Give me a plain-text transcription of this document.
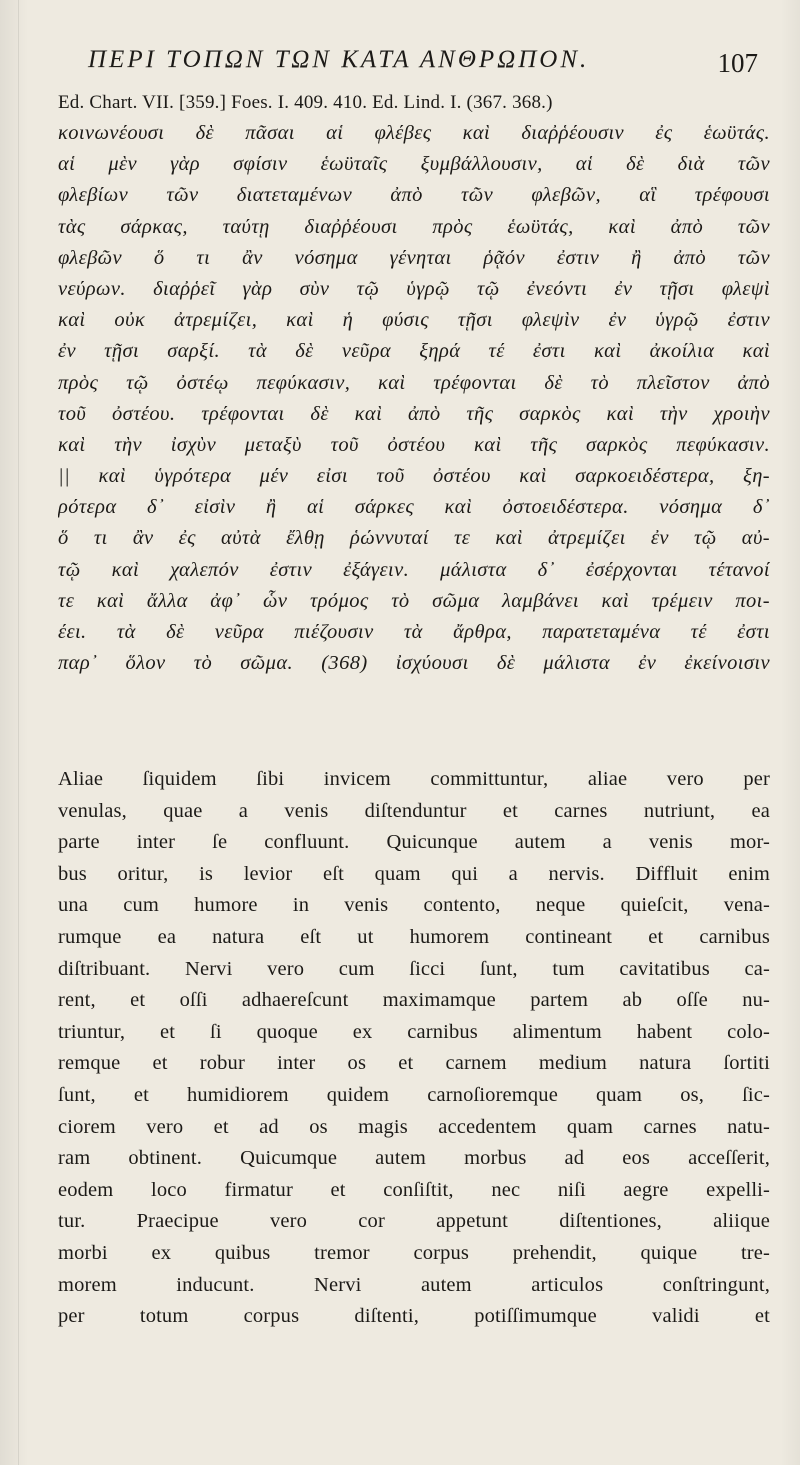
ΠΕΡΙ ΤΟΠΩΝ ΤΩΝ ΚΑΤΑ ΑΝΘΡΩΠΟΝ.	107
Ed. Chart. VII. [359.] Foes. I. 409. 410. Ed. Lind. I. (367. 368.)
κοινωνέουσι δὲ πᾶσαι αἱ φλέβες καὶ διαῤῥέουσιν ἐς ἑωϋτάς.
αἱ μὲν γὰρ σφίσιν ἑωϋταῖς ξυμβάλλουσιν, αἱ δὲ διὰ τῶν
φλεβίων τῶν διατεταμένων ἀπὸ τῶν φλεβῶν, αἳ τρέφουσι
τὰς σάρκας, ταύτῃ διαῤῥέουσι πρὸς ἑωϋτάς, καὶ ἀπὸ τῶν
φλεβῶν ὅ τι ἂν νόσημα γένηται ῥᾷόν ἐστιν ἢ ἀπὸ τῶν
νεύρων. διαῤῥεῖ γὰρ σὺν τῷ ὑγρῷ τῷ ἐνεόντι ἐν τῇσι φλεψὶ
καὶ οὐκ ἀτρεμίζει, καὶ ἡ φύσις τῇσι φλεψὶν ἐν ὑγρῷ ἐστιν
ἐν τῇσι σαρξί. τὰ δὲ νεῦρα ξηρά τέ ἐστι καὶ ἀκοίλια καὶ
πρὸς τῷ ὀστέῳ πεφύκασιν, καὶ τρέφονται δὲ τὸ πλεῖστον ἀπὸ
τοῦ ὀστέου. τρέφονται δὲ καὶ ἀπὸ τῆς σαρκὸς καὶ τὴν χροιὴν
καὶ τὴν ἰσχὺν μεταξὺ τοῦ ὀστέου καὶ τῆς σαρκὸς πεφύκασιν.
|| καὶ ὑγρότερα μέν εἰσι τοῦ ὀστέου καὶ σαρκοειδέστερα, ξη-
ρότερα δ᾽ εἰσὶν ἢ αἱ σάρκες καὶ ὀστοειδέστερα. νόσημα δ᾽
ὅ τι ἂν ἐς αὐτὰ ἔλθῃ ῥώννυταί τε καὶ ἀτρεμίζει ἐν τῷ αὐ-
τῷ καὶ χαλεπόν ἐστιν ἐξάγειν. μάλιστα δ᾽ ἐσέρχονται τέτανοί
τε καὶ ἄλλα ἀφ᾽ ὧν τρόμος τὸ σῶμα λαμβάνει καὶ τρέμειν ποι-
έει. τὰ δὲ νεῦρα πιέζουσιν τὰ ἄρθρα, παρατεταμένα τέ ἐστι
παρ᾽ ὅλον τὸ σῶμα. (368) ἰσχύουσι δὲ μάλιστα ἐν ἐκείνοισιν
Aliae ſiquidem ſibi invicem committuntur, aliae vero per
venulas, quae a venis diſtenduntur et carnes nutriunt, ea
parte inter ſe confluunt. Quicunque autem a venis mor-
bus oritur, is levior eſt quam qui a nervis. Diffluit enim
una cum humore in venis contento, neque quieſcit, vena-
rumque ea natura eſt ut humorem contineant et carnibus
diſtribuant. Nervi vero cum ſicci ſunt, tum cavitatibus ca-
rent, et oſſi adhaereſcunt maximamque partem ab oſſe nu-
triuntur, et ſi quoque ex carnibus alimentum habent colo-
remque et robur inter os et carnem medium natura ſortiti
ſunt, et humidiorem quidem carnoſioremque quam os, ſic-
ciorem vero et ad os magis accedentem quam carnes natu-
ram obtinent. Quicumque autem morbus ad eos acceſſerit,
eodem loco firmatur et conſiſtit, nec niſi aegre expelli-
tur. Praecipue vero cor appetunt diſtentiones, aliique
morbi ex quibus tremor corpus prehendit, quique tre-
morem inducunt. Nervi autem articulos conſtringunt,
per totum corpus diſtenti, potiſſimumque validi et
